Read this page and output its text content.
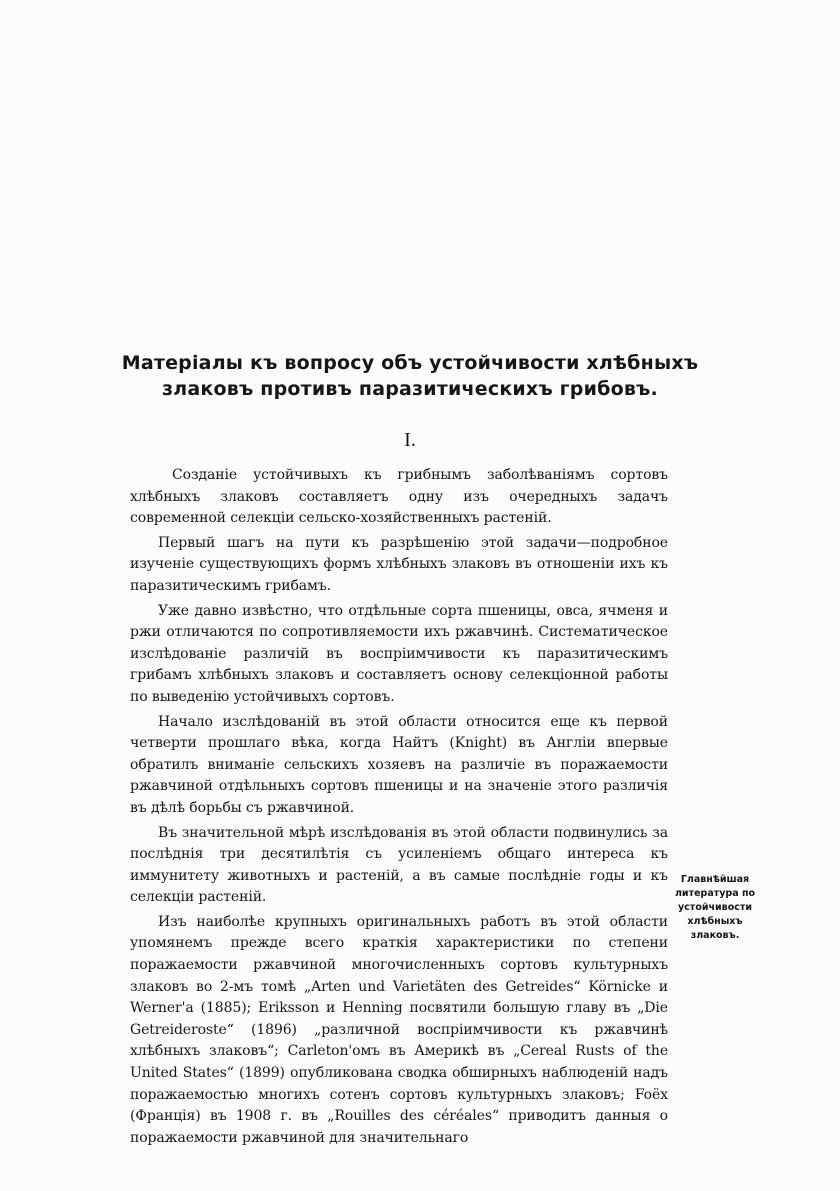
Матеріалы къ вопросу объ устойчивости хлѣбныхъ
злаковъ противъ паразитическихъ грибовъ.
I.

Созданіе устойчивыхъ къ грибнымъ заболѣваніямъ сортовъ хлѣбныхъ злаковъ составляетъ одну изъ очередныхъ задачъ современной селекціи сельско-хозяйственныхъ растеній.

Первый шагъ на пути къ разрѣшенію этой задачи—подробное изученіе существующихъ формъ хлѣбныхъ злаковъ въ отношеніи ихъ къ паразитическимъ грибамъ.

Уже давно извѣстно, что отдѣльные сорта пшеницы, овса, ячменя и ржи отличаются по сопротивляемости ихъ ржавчинѣ. Систематическое изслѣдованіе различій въ воспріимчивости къ паразитическимъ грибамъ хлѣбныхъ злаковъ и составляетъ основу селекціонной работы по выведенію устойчивыхъ сортовъ.

Начало изслѣдованій въ этой области относится еще къ первой четверти прошлаго вѣка, когда Найтъ (Knight) въ Англіи впервые обратилъ вниманіе сельскихъ хозяевъ на различіе въ поражаемости ржавчиной отдѣльныхъ сортовъ пшеницы и на значеніе этого различія въ дѣлѣ борьбы съ ржавчиной.

Въ значительной мѣрѣ изслѣдованія въ этой области подвинулись за послѣднія три десятилѣтія съ усиленіемъ общаго интереса къ иммунитету животныхъ и растеній, а въ самые послѣдніе годы и къ селекціи растеній.

Изъ наиболѣе крупныхъ оригинальныхъ работъ въ этой области упомянемъ прежде всего краткія характеристики по степени поражаемости ржавчиной многочисленныхъ сортовъ культурныхъ злаковъ во 2-мъ томѣ „Arten und Varietäten des Getreides“ Körnicke и Werner'a (1885); Eriksson и Henning посвятили большую главу въ „Die Getreideroste“ (1896) „различной воспріимчивости къ ржавчинѣ хлѣбныхъ злаковъ“; Carleton'омъ въ Америкѣ въ „Cereal Rusts of the United States“ (1899) опубликована сводка обширныхъ наблюденій надъ поражаемостью многихъ сотенъ сортовъ культурныхъ злаковъ; Foëx (Франція) въ 1908 г. въ „Rouilles des céréales“ приводитъ данныя о поражаемости ржавчиной для значительнаго

Главнѣйшая литература по устойчивости хлѣбныхъ злаковъ.
